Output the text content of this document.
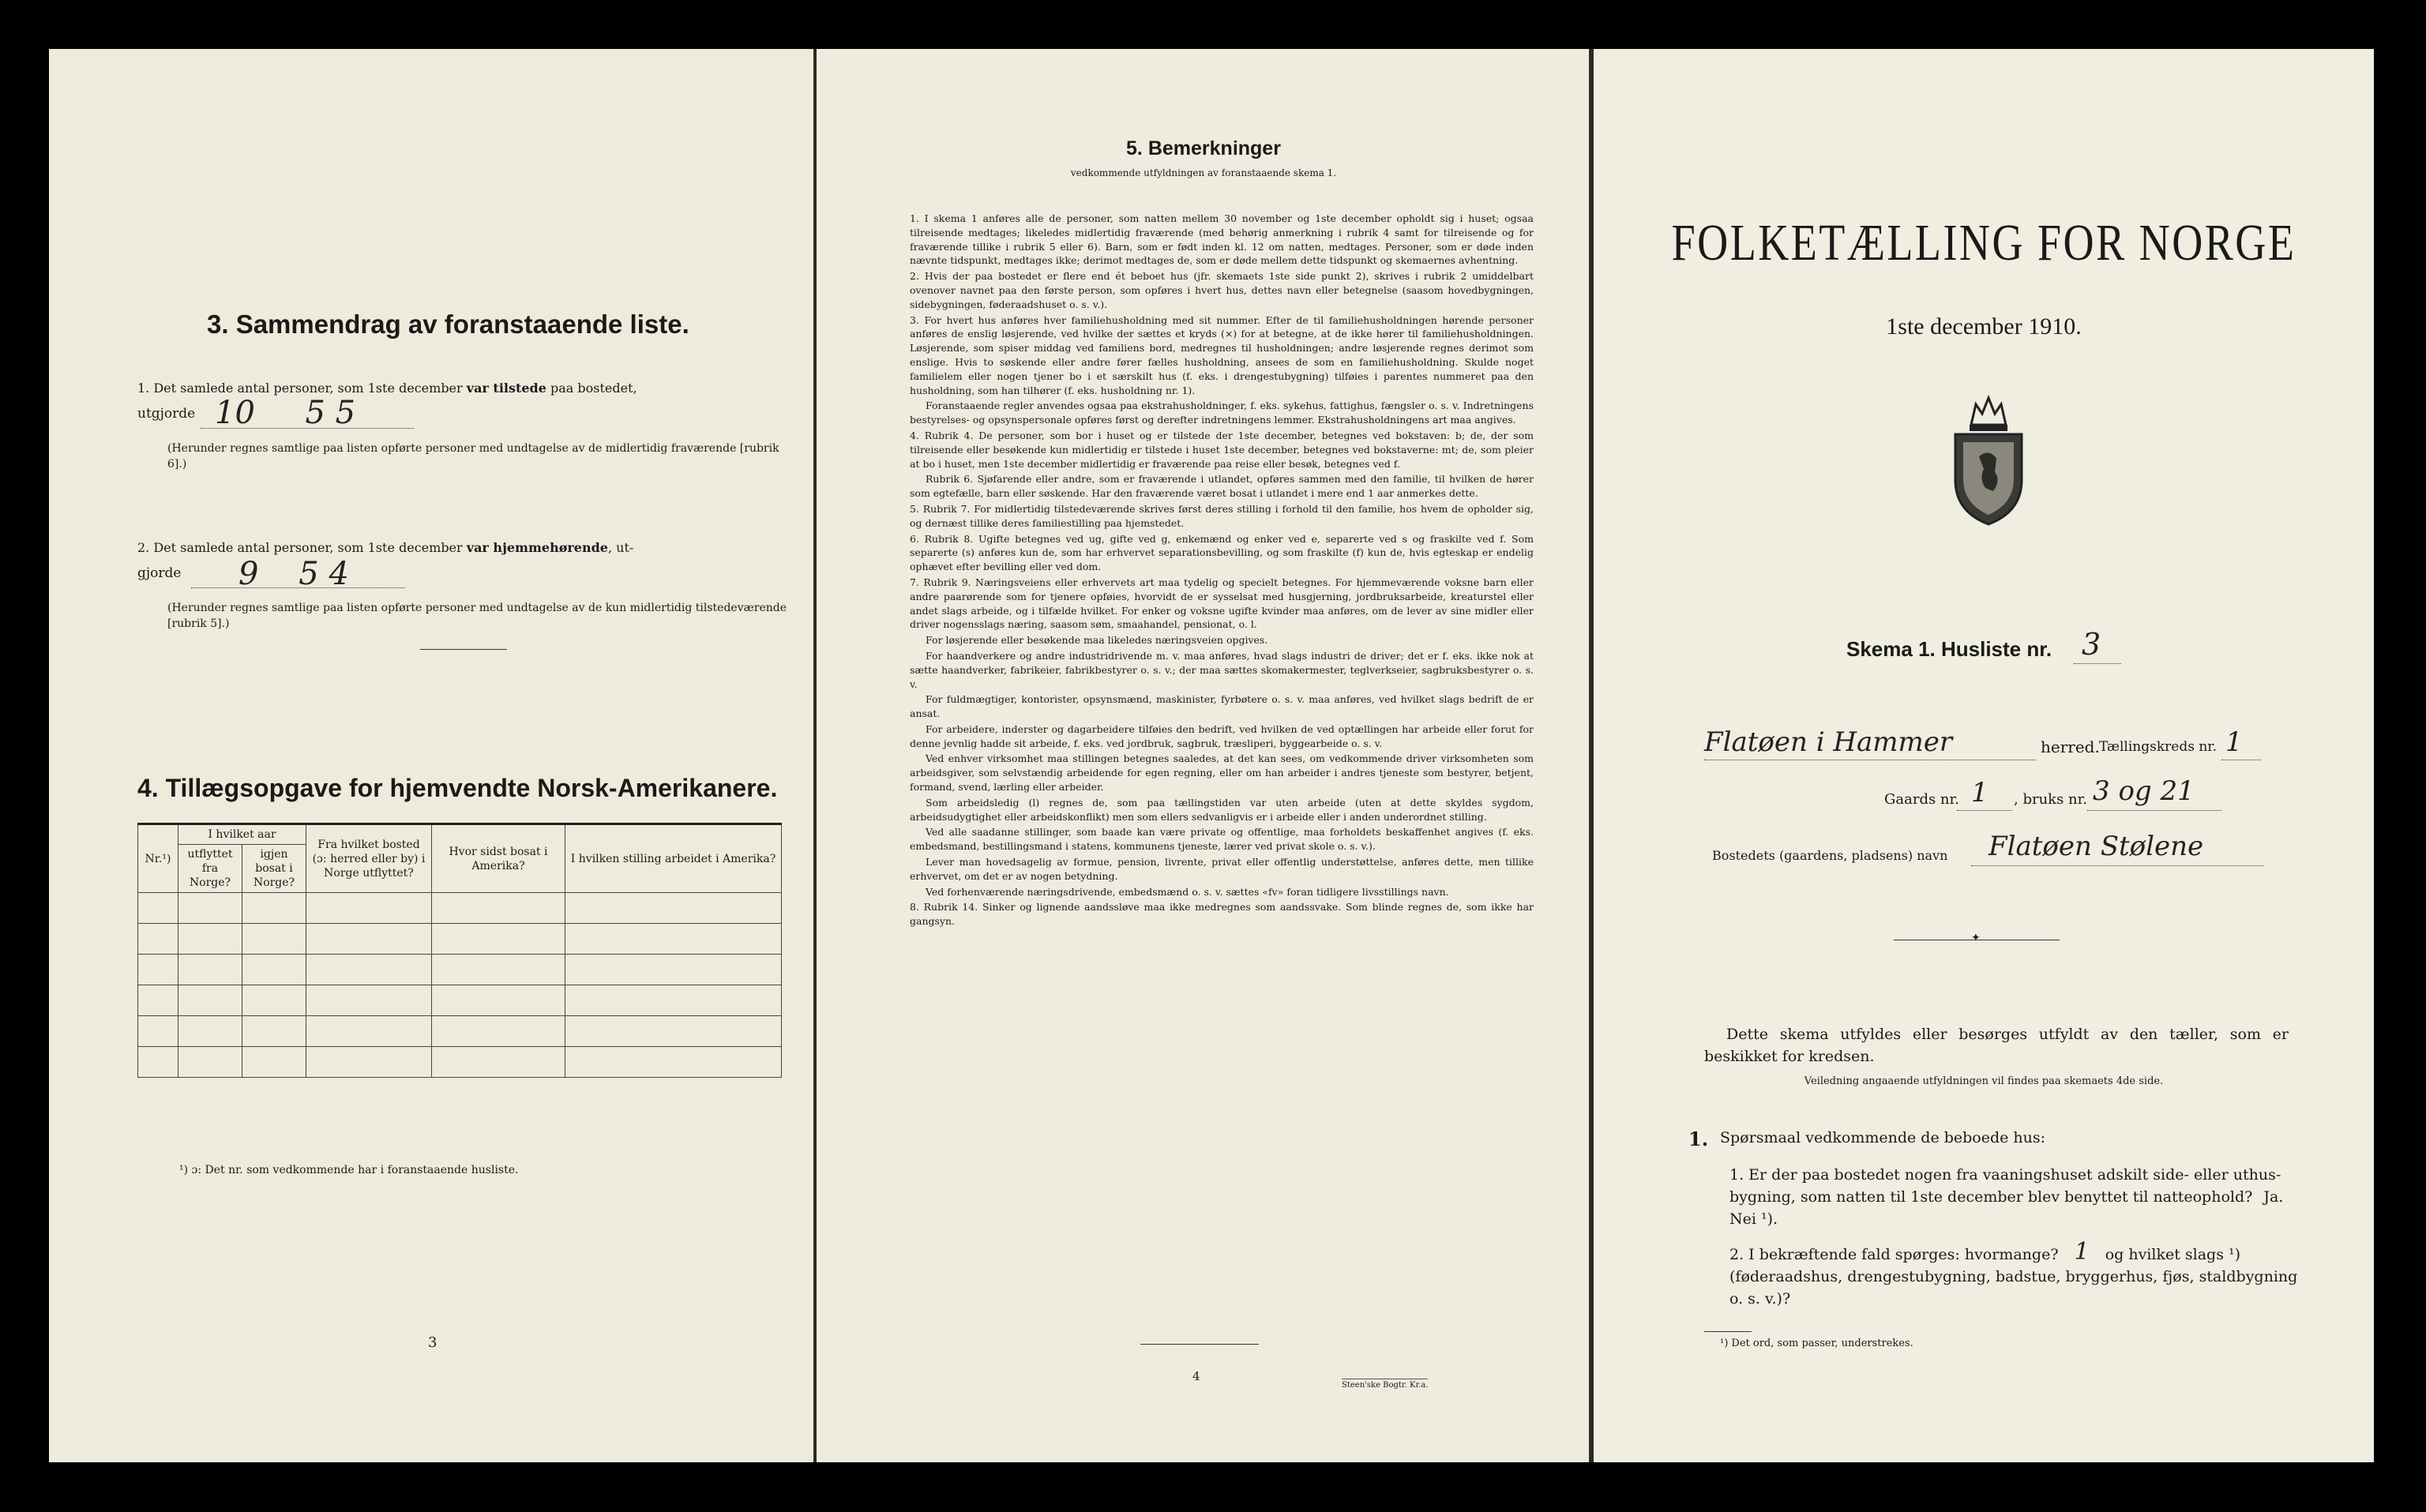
3. Sammendrag av foranstaaende liste.
1. Det samlede antal personer, som 1ste december var tilstede paa bostedet,
utgjorde 10     5 5
(Herunder regnes samtlige paa listen opførte personer med undtagelse av de midlertidig fraværende [rubrik 6].)
2. Det samlede antal personer, som 1ste december var hjemmehørende, ut-
gjorde 9    5 4
(Herunder regnes samtlige paa listen opførte personer med undtagelse av de kun midlertidig tilstedeværende [rubrik 5].)
4. Tillægsopgave for hjemvendte Norsk-Amerikanere.
Nr.¹)	I hvilket aar		Fra hvilket bosted (ɔ: herred eller by) i Norge utflyttet?	Hvor sidst bosat i Amerika?	I hvilken stilling arbeidet i Amerika?
	utflyttet fra Norge?	igjen bosat i Norge?			

¹) ɔ: Det nr. som vedkommende har i foranstaaende husliste.
3
5. Bemerkninger
vedkommende utfyldningen av foranstaaende skema 1.
1. I skema 1 anføres alle de personer, som natten mellem 30 november og 1ste december opholdt sig i huset; ogsaa tilreisende medtages; likeledes midlertidig fraværende (med behørig anmerkning i rubrik 4 samt for tilreisende og for fraværende tillike i rubrik 5 eller 6). Barn, som er født inden kl. 12 om natten, medtages. Personer, som er døde inden nævnte tidspunkt, medtages ikke; derimot medtages de, som er døde mellem dette tidspunkt og skemaernes avhentning.
2. Hvis der paa bostedet er flere end ét beboet hus (jfr. skemaets 1ste side punkt 2), skrives i rubrik 2 umiddelbart ovenover navnet paa den første person, som opføres i hvert hus, dettes navn eller betegnelse (saasom hovedbygningen, sidebygningen, føderaadshuset o. s. v.).
3. For hvert hus anføres hver familiehusholdning med sit nummer. Efter de til familiehusholdningen hørende personer anføres de enslig løsjerende, ved hvilke der sættes et kryds (×) for at betegne, at de ikke hører til familiehusholdningen. Løsjerende, som spiser middag ved familiens bord, medregnes til husholdningen; andre løsjerende regnes derimot som enslige. Hvis to søskende eller andre fører fælles husholdning, ansees de som en familiehusholdning. Skulde noget familielem eller nogen tjener bo i et særskilt hus (f. eks. i drengestubygning) tilføies i parentes nummeret paa den husholdning, som han tilhører (f. eks. husholdning nr. 1).
Foranstaaende regler anvendes ogsaa paa ekstrahusholdninger, f. eks. sykehus, fattighus, fængsler o. s. v. Indretningens bestyrelses- og opsynspersonale opføres først og derefter indretningens lemmer. Ekstrahusholdningens art maa angives.
4. Rubrik 4. De personer, som bor i huset og er tilstede der 1ste december, betegnes ved bokstaven: b; de, der som tilreisende eller besøkende kun midlertidig er tilstede i huset 1ste december, betegnes ved bokstaverne: mt; de, som pleier at bo i huset, men 1ste december midlertidig er fraværende paa reise eller besøk, betegnes ved f.
Rubrik 6. Sjøfarende eller andre, som er fraværende i utlandet, opføres sammen med den familie, til hvilken de hører som egtefælle, barn eller søskende. Har den fraværende været bosat i utlandet i mere end 1 aar anmerkes dette.
5. Rubrik 7. For midlertidig tilstedeværende skrives først deres stilling i forhold til den familie, hos hvem de opholder sig, og dernæst tillike deres familiestilling paa hjemstedet.
6. Rubrik 8. Ugifte betegnes ved ug, gifte ved g, enkemænd og enker ved e, separerte ved s og fraskilte ved f. Som separerte (s) anføres kun de, som har erhvervet separationsbevilling, og som fraskilte (f) kun de, hvis egteskap er endelig ophævet efter bevilling eller ved dom.
7. Rubrik 9. Næringsveiens eller erhvervets art maa tydelig og specielt betegnes. For hjemmeværende voksne barn eller andre paarørende som for tjenere opføies, hvorvidt de er sysselsat med husgjerning, jordbruksarbeide, kreaturstel eller andet slags arbeide, og i tilfælde hvilket. For enker og voksne ugifte kvinder maa anføres, om de lever av sine midler eller driver nogensslags næring, saasom søm, smaahandel, pensionat, o. l.
For løsjerende eller besøkende maa likeledes næringsveien opgives.
For haandverkere og andre industridrivende m. v. maa anføres, hvad slags industri de driver; det er f. eks. ikke nok at sætte haandverker, fabrikeier, fabrikbestyrer o. s. v.; der maa sættes skomakermester, teglverkseier, sagbruksbestyrer o. s. v.
For fuldmægtiger, kontorister, opsynsmænd, maskinister, fyrbøtere o. s. v. maa anføres, ved hvilket slags bedrift de er ansat.
For arbeidere, inderster og dagarbeidere tilføies den bedrift, ved hvilken de ved optællingen har arbeide eller forut for denne jevnlig hadde sit arbeide, f. eks. ved jordbruk, sagbruk, træsliperi, byggearbeide o. s. v.
Ved enhver virksomhet maa stillingen betegnes saaledes, at det kan sees, om vedkommende driver virksomheten som arbeidsgiver, som selvstændig arbeidende for egen regning, eller om han arbeider i andres tjeneste som bestyrer, betjent, formand, svend, lærling eller arbeider.
Som arbeidsledig (l) regnes de, som paa tællingstiden var uten arbeide (uten at dette skyldes sygdom, arbeidsudygtighet eller arbeidskonflikt) men som ellers sedvanligvis er i arbeide eller i anden underordnet stilling.
Ved alle saadanne stillinger, som baade kan være private og offentlige, maa forholdets beskaffenhet angives (f. eks. embedsmand, bestillingsmand i statens, kommunens tjeneste, lærer ved privat skole o. s. v.).
Lever man hovedsagelig av formue, pension, livrente, privat eller offentlig understøttelse, anføres dette, men tillike erhvervet, om det er av nogen betydning.
Ved forhenværende næringsdrivende, embedsmænd o. s. v. sættes «fv» foran tidligere livsstillings navn.
8. Rubrik 14. Sinker og lignende aandssløve maa ikke medregnes som aandssvake. Som blinde regnes de, som ikke har gangsyn.
4
Steen'ske Bogtr. Kr.a.
FOLKETÆLLING FOR NORGE
1ste december 1910.
Skema 1. Husliste nr. 3
Flatøen i Hammer	herred. Tællingskreds nr. 1
Gaards nr. 1 , bruks nr. 3 og 21
Bostedets (gaardens, pladsens) navn Flatøen Stølene
✦
Dette skema utfyldes eller besørges utfyldt av den tæller, som er beskikket for kredsen.
Veiledning angaaende utfyldningen vil findes paa skemaets 4de side.
1. Spørsmaal vedkommende de beboede hus:
1. Er der paa bostedet nogen fra vaaningshuset adskilt side- eller uthus-bygning, som natten til 1ste december blev benyttet til natteophold? Ja. Nei ¹).
2. I bekræftende fald spørges: hvormange? 1 og hvilket slags ¹) (føderaadshus, drengestubygning, badstue, bryggerhus, fjøs, staldbygning o. s. v.)?
¹) Det ord, som passer, understrekes.
